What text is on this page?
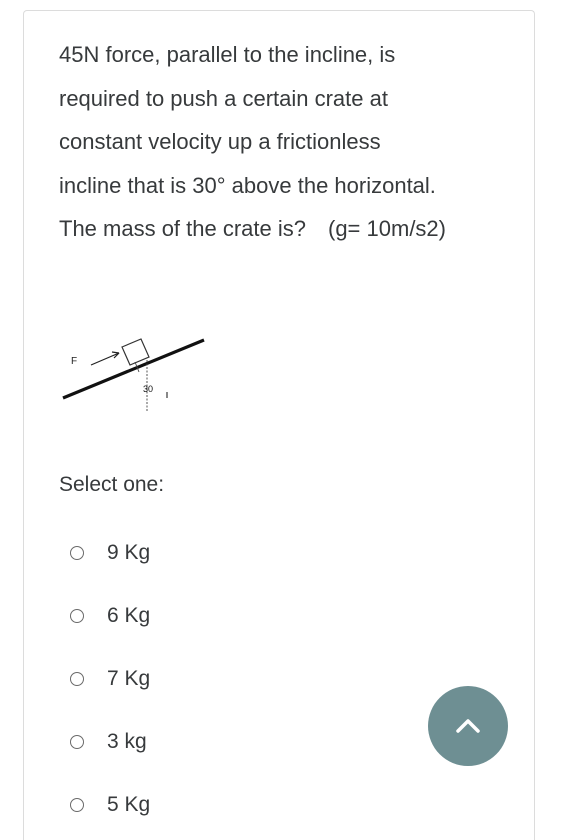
45N force, parallel to the incline, is
required to push a certain crate at
constant velocity up a frictionless
incline that is 30° above the horizontal.
The mass of the crate is? (g= 10m/s2)
F
30
Select one:
9 Kg
6 Kg
7 Kg
3 kg
5 Kg
